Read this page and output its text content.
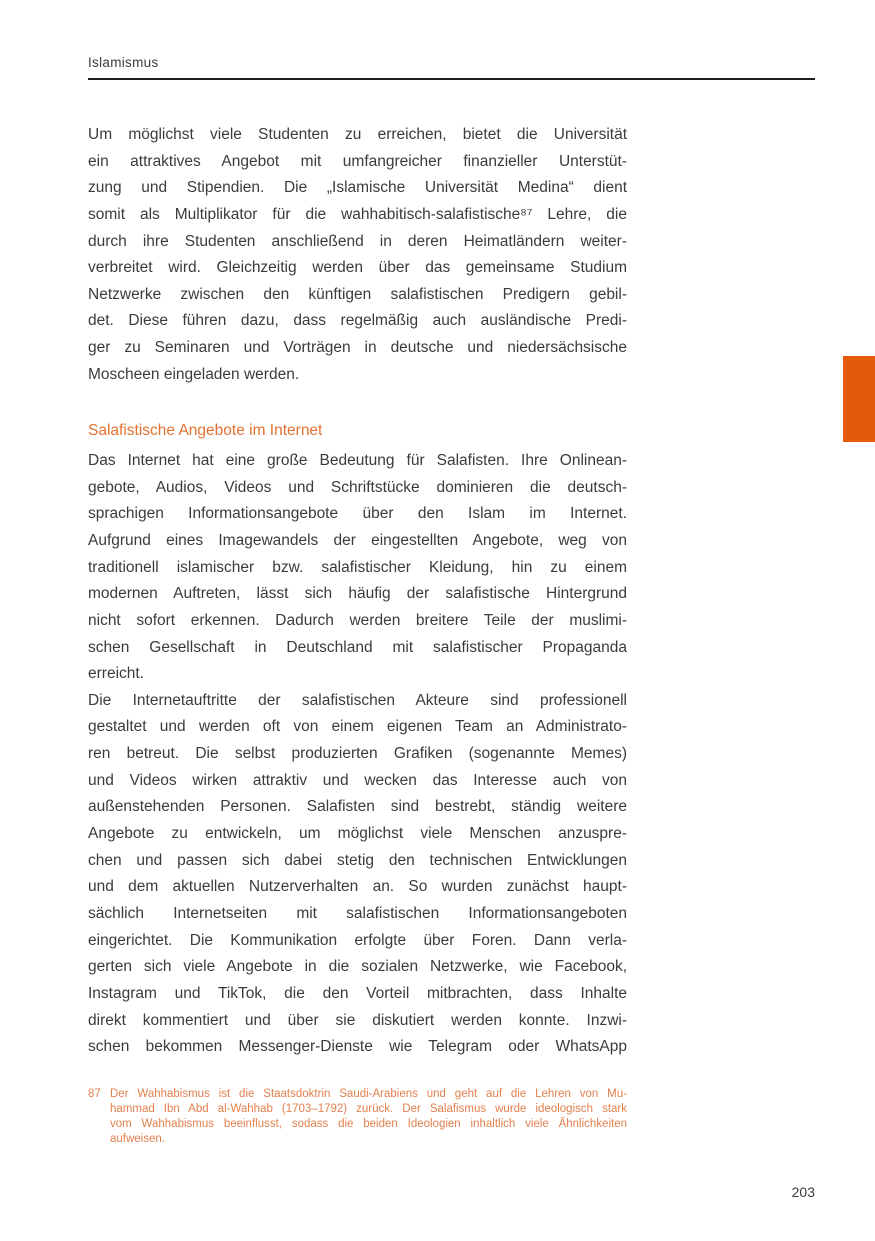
Islamismus
Um möglichst viele Studenten zu erreichen, bietet die Universität
ein attraktives Angebot mit umfangreicher finanzieller Unterstüt-
zung und Stipendien. Die „Islamische Universität Medina“ dient
somit als Multiplikator für die wahhabitisch-salafistische⁸⁷ Lehre, die
durch ihre Studenten anschließend in deren Heimatländern weiter-
verbreitet wird. Gleichzeitig werden über das gemeinsame Studium
Netzwerke zwischen den künftigen salafistischen Predigern gebil-
det. Diese führen dazu, dass regelmäßig auch ausländische Predi-
ger zu Seminaren und Vorträgen in deutsche und niedersächsische
Moscheen eingeladen werden.
Salafistische Angebote im Internet
Das Internet hat eine große Bedeutung für Salafisten. Ihre Onlinean-
gebote, Audios, Videos und Schriftstücke dominieren die deutsch-
sprachigen Informationsangebote über den Islam im Internet.
Aufgrund eines Imagewandels der eingestellten Angebote, weg von
traditionell islamischer bzw. salafistischer Kleidung, hin zu einem
modernen Auftreten, lässt sich häufig der salafistische Hintergrund
nicht sofort erkennen. Dadurch werden breitere Teile der muslimi-
schen Gesellschaft in Deutschland mit salafistischer Propaganda
erreicht.
Die Internetauftritte der salafistischen Akteure sind professionell
gestaltet und werden oft von einem eigenen Team an Administrato-
ren betreut. Die selbst produzierten Grafiken (sogenannte Memes)
und Videos wirken attraktiv und wecken das Interesse auch von
außenstehenden Personen. Salafisten sind bestrebt, ständig weitere
Angebote zu entwickeln, um möglichst viele Menschen anzuspre-
chen und passen sich dabei stetig den technischen Entwicklungen
und dem aktuellen Nutzerverhalten an. So wurden zunächst haupt-
sächlich Internetseiten mit salafistischen Informationsangeboten
eingerichtet. Die Kommunikation erfolgte über Foren. Dann verla-
gerten sich viele Angebote in die sozialen Netzwerke, wie Facebook,
Instagram und TikTok, die den Vorteil mitbrachten, dass Inhalte
direkt kommentiert und über sie diskutiert werden konnte. Inzwi-
schen bekommen Messenger-Dienste wie Telegram oder WhatsApp
87 Der Wahhabismus ist die Staatsdoktrin Saudi-Arabiens und geht auf die Lehren von Mu-
hammad Ibn Abd al-Wahhab (1703–1792) zurück. Der Salafismus wurde ideologisch stark
vom Wahhabismus beeinflusst, sodass die beiden Ideologien inhaltlich viele Ähnlichkeiten
aufweisen.
203
